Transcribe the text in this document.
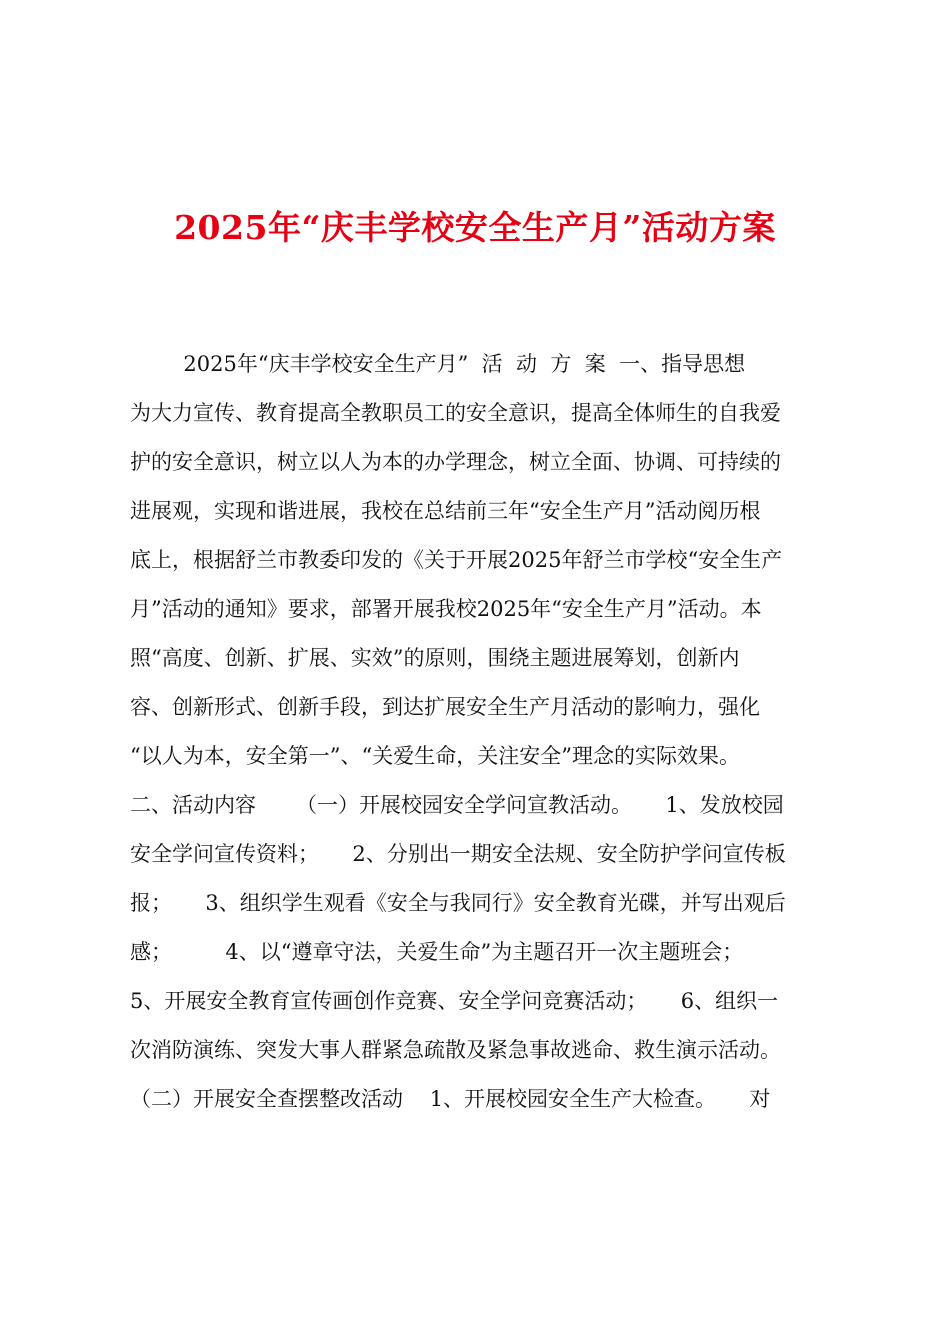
2025年“庆丰学校安全生产月”活动方案
2025年“庆丰学校安全生产月”  活  动  方  案  一、指导思想
为大力宣传、教育提高全教职员工的安全意识，提高全体师生的自我爱
护的安全意识，树立以人为本的办学理念，树立全面、协调、可持续的
进展观，实现和谐进展，我校在总结前三年“安全生产月”活动阅历根
底上，根据舒兰市教委印发的《关于开展2025年舒兰市学校“安全生产
月”活动的通知》要求，部署开展我校2025年“安全生产月”活动。本
照“高度、创新、扩展、实效”的原则，围绕主题进展筹划，创新内
容、创新形式、创新手段，到达扩展安全生产月活动的影响力，强化
“以人为本，安全第一”、“关爱生命，关注安全”理念的实际效果。
二、活动内容      （一）开展校园安全学问宣教活动。     1、发放校园
安全学问宣传资料；     2、分别出一期安全法规、安全防护学问宣传板
报；     3、组织学生观看《安全与我同行》安全教育光碟，并写出观后
感；        4、以“遵章守法，关爱生命”为主题召开一次主题班会；
5、开展安全教育宣传画创作竞赛、安全学问竞赛活动；     6、组织一
次消防演练、突发大事人群紧急疏散及紧急事故逃命、救生演示活动。
（二）开展安全查摆整改活动    1、开展校园安全生产大检查。     对
